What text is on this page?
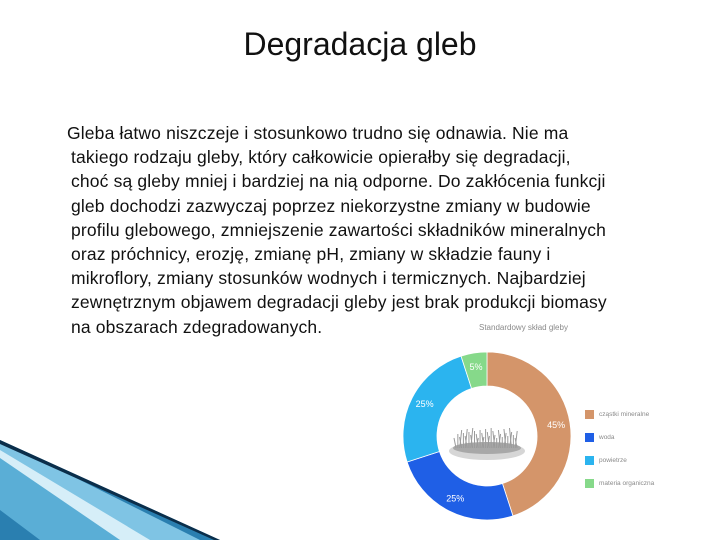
Degradacja gleb
Gleba łatwo niszczeje i stosunkowo trudno się odnawia. Nie ma
takiego rodzaju gleby, który całkowicie opierałby się degradacji,
choć są gleby mniej i bardziej na nią odporne. Do zakłócenia funkcji
gleb dochodzi zazwyczaj poprzez niekorzystne zmiany w budowie
profilu glebowego, zmniejszenie zawartości składników mineralnych
oraz próchnicy, erozję, zmianę pH, zmiany w składzie fauny i
mikroflory, zmiany stosunków wodnych i termicznych. Najbardziej
zewnętrznym objawem degradacji gleby jest brak produkcji biomasy
na obszarach zdegradowanych.
45%
25%
25%
5%
Standardowy skład gleby
cząstki mineralne
woda
powietrze
materia organiczna
